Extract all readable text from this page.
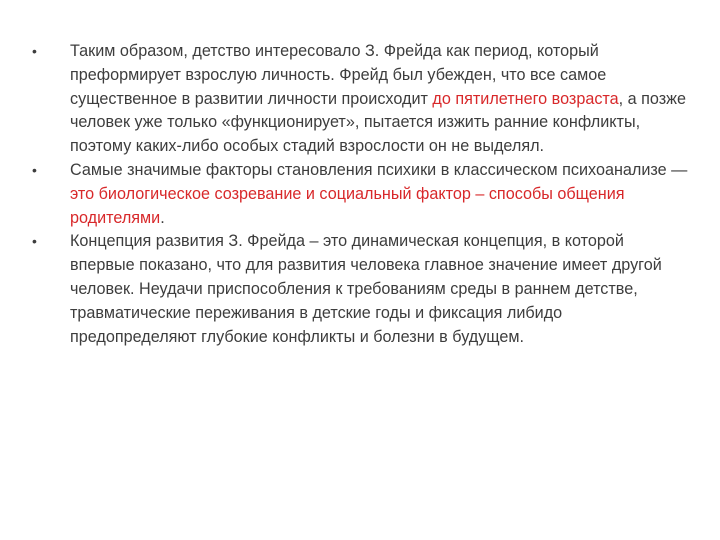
• Таким образом, детство интересовало З. Фрейда как период, который преформирует взрослую личность. Фрейд был убежден, что все самое существенное в развитии личности происходит до пятилетнего возраста, а позже человек уже только «функционирует», пытается изжить ранние конфликты, поэтому каких-либо особых стадий взрослости он не выделял.
• Самые значимые факторы становления психики в классическом психоанализе — это биологическое созревание и социальный фактор – способы общения родителями.
• Концепция развития З. Фрейда – это динамическая концепция, в которой впервые показано, что для развития человека главное значение имеет другой человек. Неудачи приспособления к требованиям среды в раннем детстве, травматические переживания в детские годы и фиксация либидо предопределяют глубокие конфликты и болезни в будущем.
